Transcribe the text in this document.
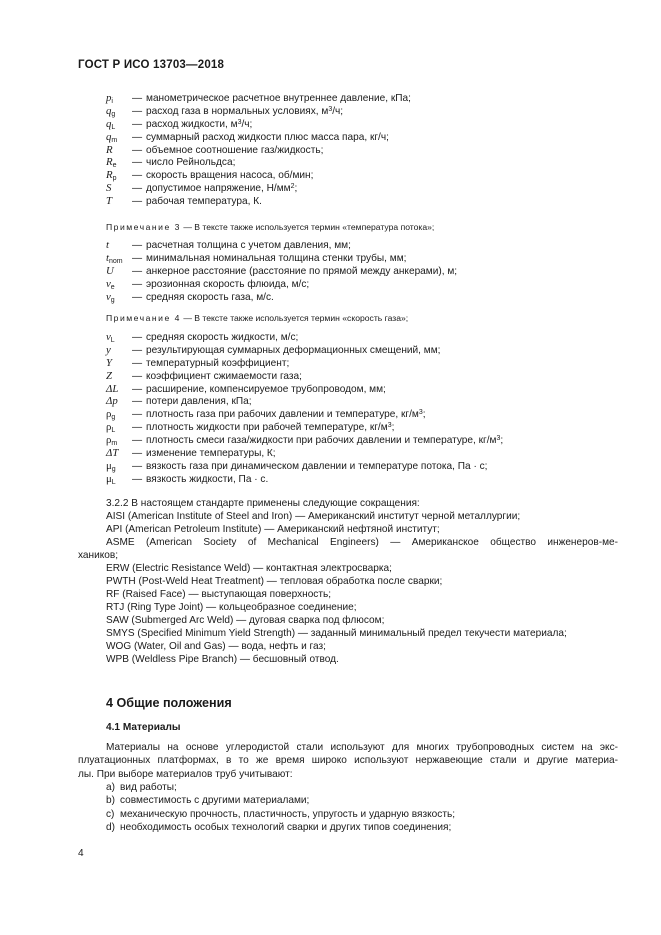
ГОСТ Р ИСО 13703—2018
$p_i$	— манометрическое расчетное внутреннее давление, кПа;
$q_g$	— расход газа в нормальных условиях, $м^3/ч$;
$q_L$	— расход жидкости, $м^3/ч$;
$q_m$	— суммарный расход жидкости плюс масса пара, кг/ч;
R	— объемное соотношение газ/жидкость;
$R_e$	— число Рейнольдса;
$R_p$	— скорость вращения насоса, об/мин;
S	— допустимое напряжение, $Н/мм^2$;
T	— рабочая температура, К.
Примечание 3 — В тексте также используется термин «температура потока»;
t	— расчетная толщина с учетом давления, мм;
$t_{nom}$ — минимальная номинальная толщина стенки трубы, мм;
U	— анкерное расстояние (расстояние по прямой между анкерами), м;
$v_e$	— эрозионная скорость флюида, м/с;
$v_g$	— средняя скорость газа, м/с.
Примечание 4 — В тексте также используется термин «скорость газа»;
$v_L$	— средняя скорость жидкости, м/с;
y	— результирующая суммарных деформационных смещений, мм;
Y	— температурный коэффициент;
Z	— коэффициент сжимаемости газа;
ΔL	— расширение, компенсируемое трубопроводом, мм;
Δp	— потери давления, кПа;
$\rho_g$	— плотность газа при рабочих давлении и температуре, $кг/м^3$;
$\rho_L$	— плотность жидкости при рабочей температуре, $кг/м^3$;
$\rho_m$	— плотность смеси газа/жидкости при рабочих давлении и температуре, $кг/м^3$;
ΔT	— изменение температуры, К;
$\mu_g$	— вязкость газа при динамическом давлении и температуре потока, Па · с;
$\mu_L$	— вязкость жидкости, Па · с.
3.2.2 В настоящем стандарте применены следующие сокращения:
AISI (American Institute of Steel and Iron) — Американский институт черной металлургии;
API (American Petroleum Institute) — Американский нефтяной институт;
ASME (American Society of Mechanical Engineers) — Американское общество инженеров-ме-
хаников;
ERW (Electric Resistance Weld) — контактная электросварка;
PWTH (Post-Weld Heat Treatment) — тепловая обработка после сварки;
RF (Raised Face) — выступающая поверхность;
RTJ (Ring Type Joint) — кольцеобразное соединение;
SAW (Submerged Arc Weld) — дуговая сварка под флюсом;
SMYS (Specified Minimum Yield Strength) — заданный минимальный предел текучести материала;
WOG (Water, Oil and Gas) — вода, нефть и газ;
WPB (Weldless Pipe Branch) — бесшовный отвод.
4 Общие положения
4.1 Материалы
Материалы на основе углеродистой стали используют для многих трубопроводных систем на экс-
плуатационных платформах, в то же время широко используют нержавеющие стали и другие материа-
лы. При выборе материалов труб учитывают:
a) вид работы;
b) совместимость с другими материалами;
c) механическую прочность, пластичность, упругость и ударную вязкость;
d) необходимость особых технологий сварки и других типов соединения;
4
